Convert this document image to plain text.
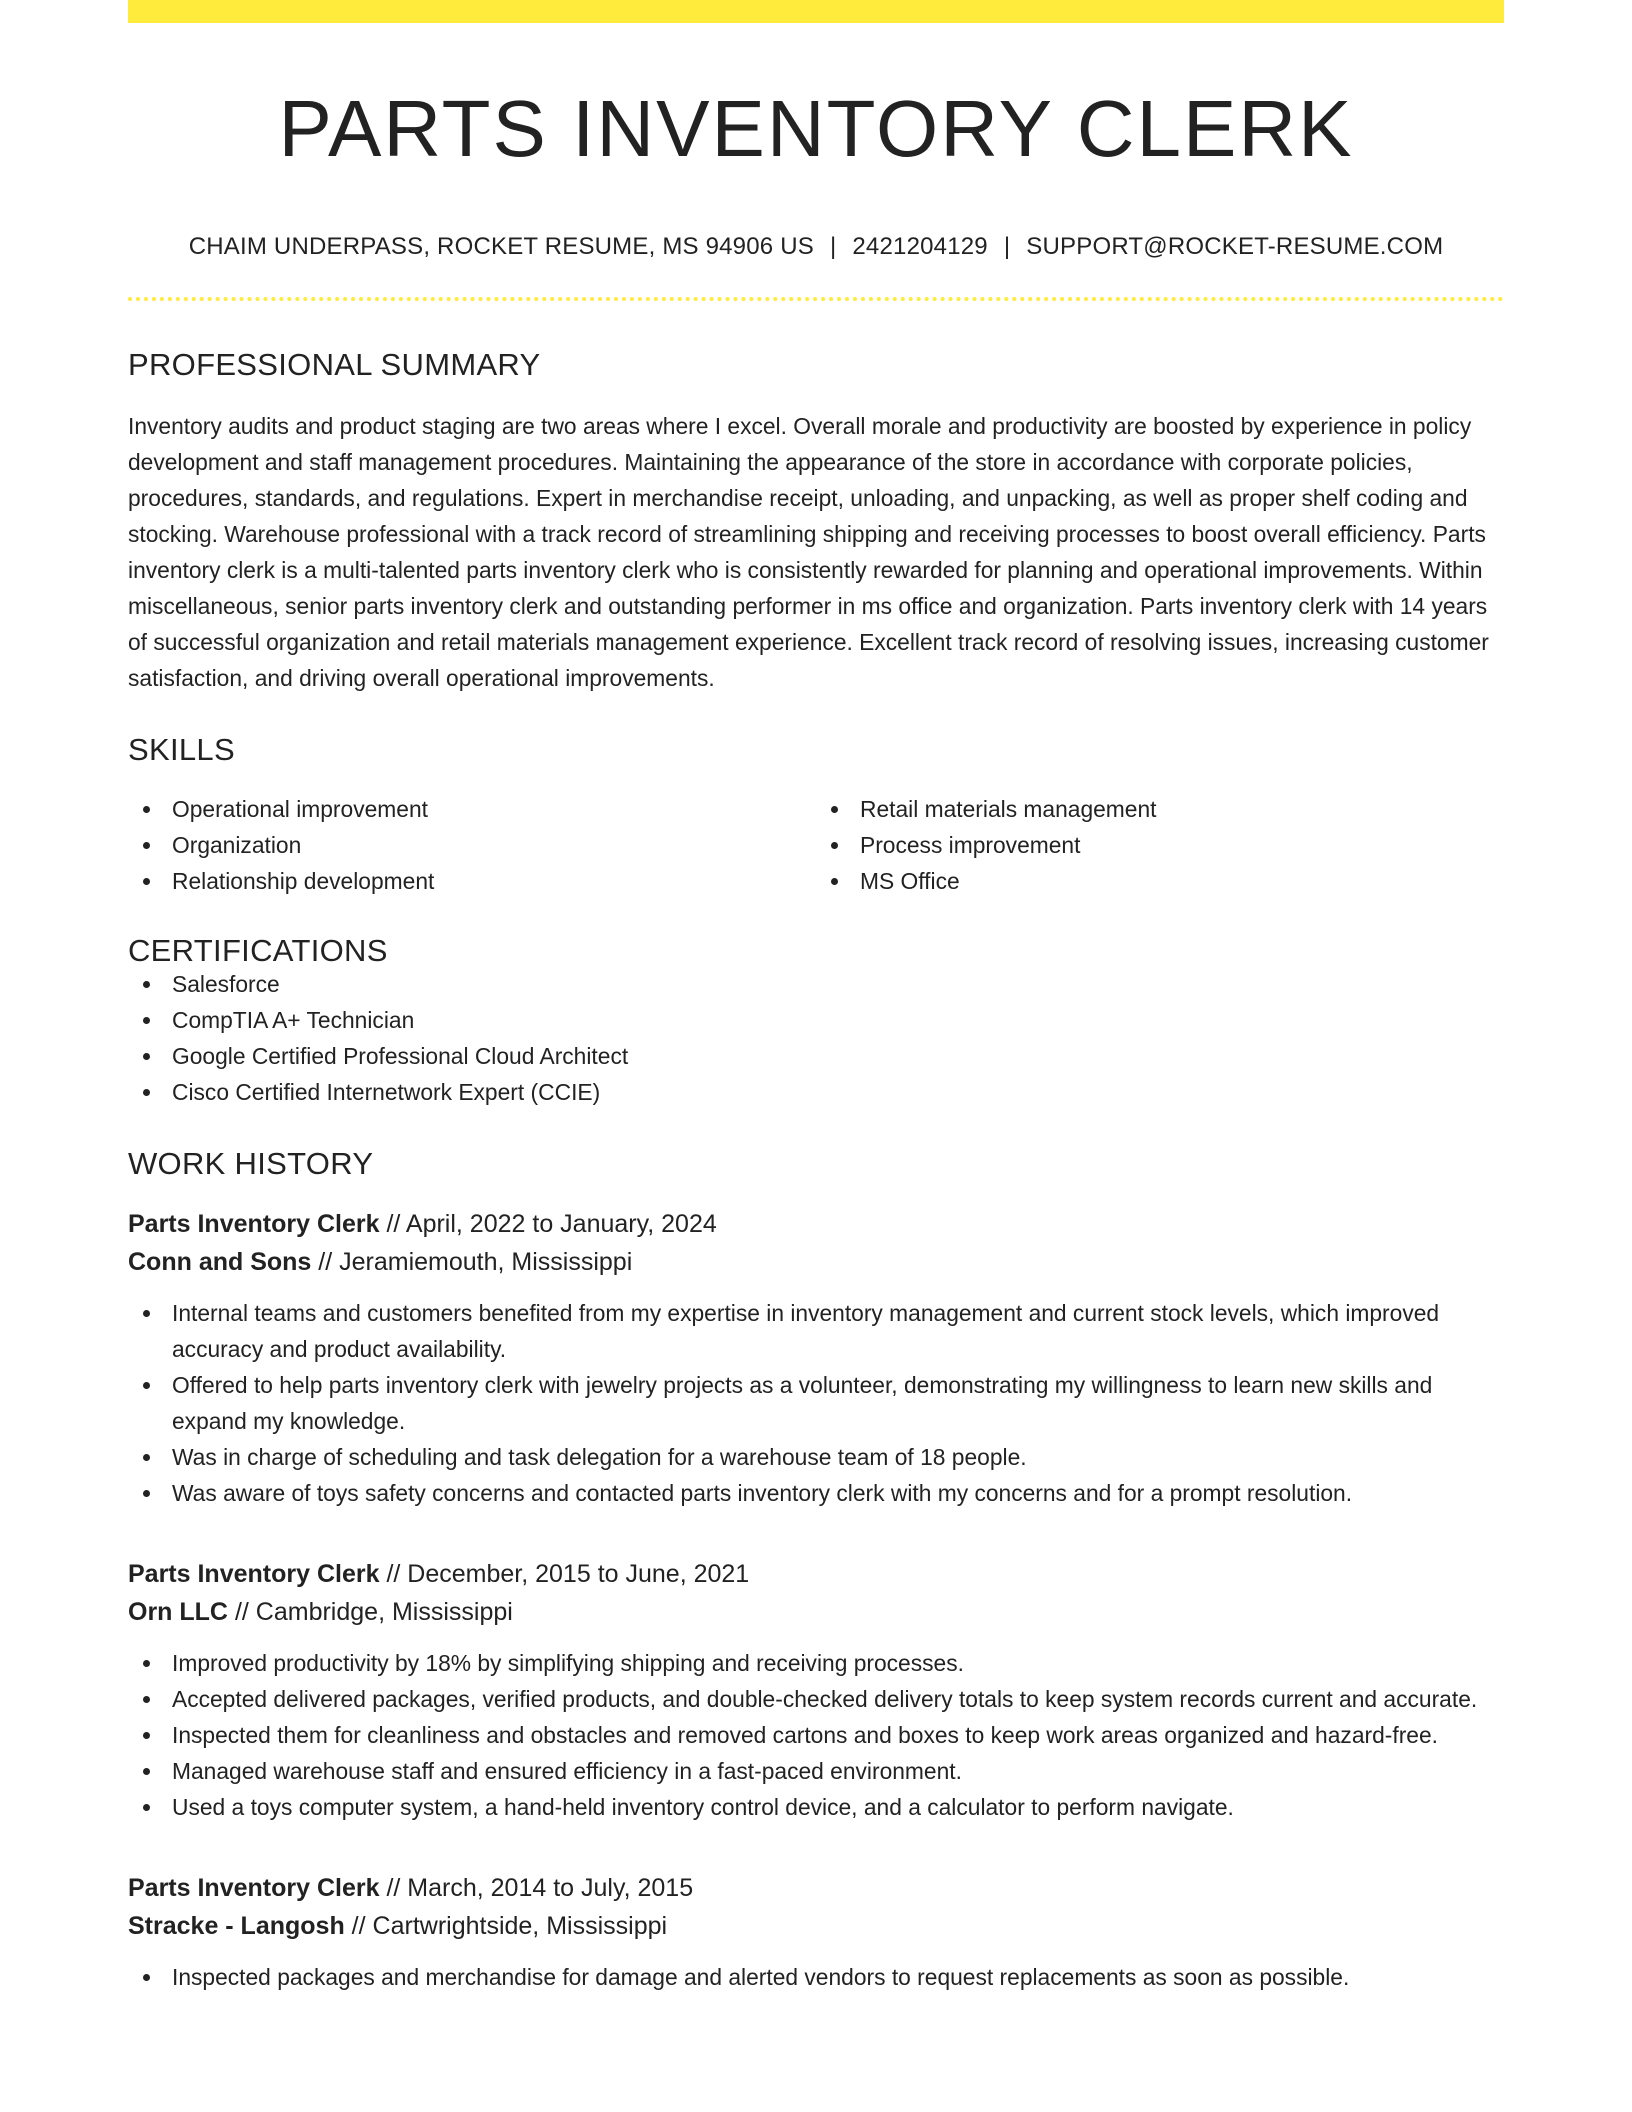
PARTS INVENTORY CLERK
CHAIM UNDERPASS, ROCKET RESUME, MS 94906 US | 2421204129 | SUPPORT@ROCKET-RESUME.COM
PROFESSIONAL SUMMARY

Inventory audits and product staging are two areas where I excel. Overall morale and productivity are boosted by experience in policy development and staff management procedures. Maintaining the appearance of the store in accordance with corporate policies, procedures, standards, and regulations. Expert in merchandise receipt, unloading, and unpacking, as well as proper shelf coding and stocking. Warehouse professional with a track record of streamlining shipping and receiving processes to boost overall efficiency. Parts inventory clerk is a multi-talented parts inventory clerk who is consistently rewarded for planning and operational improvements. Within miscellaneous, senior parts inventory clerk and outstanding performer in ms office and organization. Parts inventory clerk with 14 years of successful organization and retail materials management experience. Excellent track record of resolving issues, increasing customer satisfaction, and driving overall operational improvements.

SKILLS
Operational improvement
Organization
Relationship development
Retail materials management
Process improvement
MS Office
CERTIFICATIONS
Salesforce
CompTIA A+ Technician
Google Certified Professional Cloud Architect
Cisco Certified Internetwork Expert (CCIE)
WORK HISTORY
Parts Inventory Clerk // April, 2022 to January, 2024
Conn and Sons // Jeramiemouth, Mississippi
Internal teams and customers benefited from my expertise in inventory management and current stock levels, which improved accuracy and product availability.
Offered to help parts inventory clerk with jewelry projects as a volunteer, demonstrating my willingness to learn new skills and expand my knowledge.
Was in charge of scheduling and task delegation for a warehouse team of 18 people.
Was aware of toys safety concerns and contacted parts inventory clerk with my concerns and for a prompt resolution.
Parts Inventory Clerk // December, 2015 to June, 2021
Orn LLC // Cambridge, Mississippi
Improved productivity by 18% by simplifying shipping and receiving processes.
Accepted delivered packages, verified products, and double-checked delivery totals to keep system records current and accurate.
Inspected them for cleanliness and obstacles and removed cartons and boxes to keep work areas organized and hazard-free.
Managed warehouse staff and ensured efficiency in a fast-paced environment.
Used a toys computer system, a hand-held inventory control device, and a calculator to perform navigate.
Parts Inventory Clerk // March, 2014 to July, 2015
Stracke - Langosh // Cartwrightside, Mississippi
Inspected packages and merchandise for damage and alerted vendors to request replacements as soon as possible.
